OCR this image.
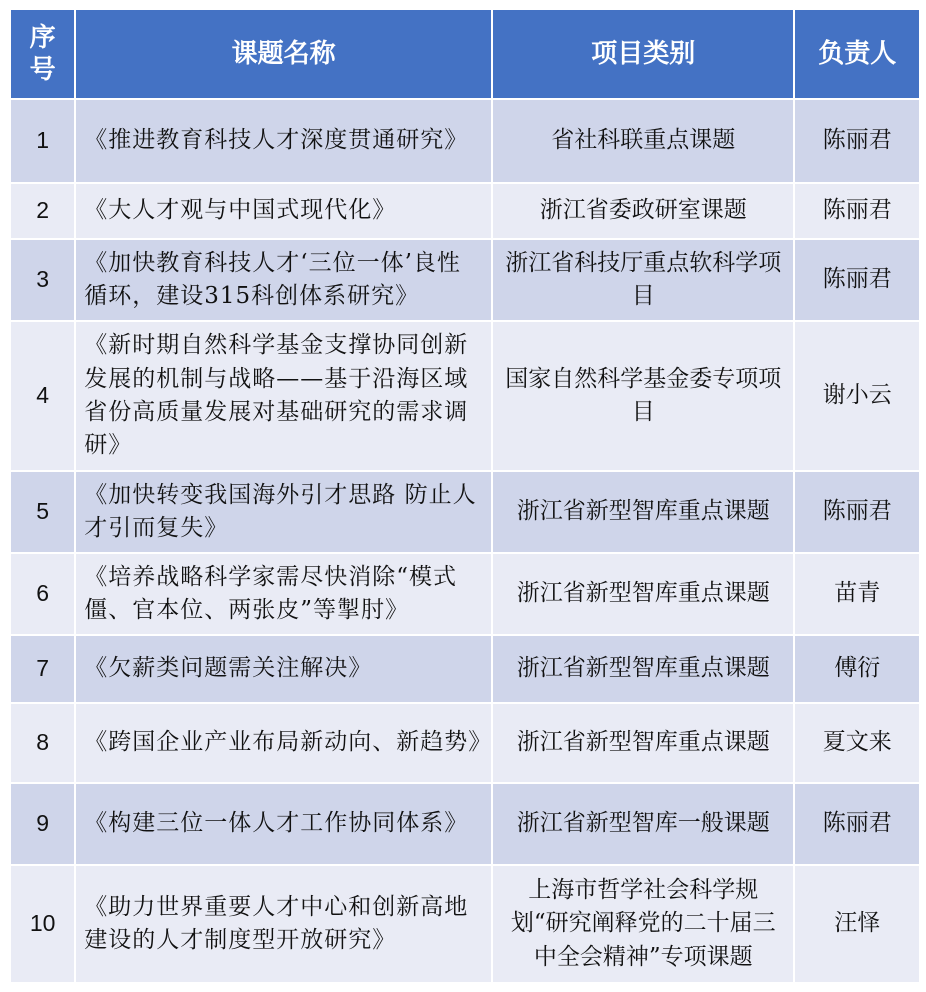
序号	课题名称	项目类别	负责人
1	《推进教育科技人才深度贯通研究》	省社科联重点课题	陈丽君
2	《大人才观与中国式现代化》	浙江省委政研室课题	陈丽君
3	《加快教育科技人才‘三位一体’良性循环，建设315科创体系研究》	浙江省科技厅重点软科学项目	陈丽君
4	《新时期自然科学基金支撑协同创新发展的机制与战略——基于沿海区域省份高质量发展对基础研究的需求调研》	国家自然科学基金委专项项目	谢小云
5	《加快转变我国海外引才思路 防止人才引而复失》	浙江省新型智库重点课题	陈丽君
6	《培养战略科学家需尽快消除“模式僵、官本位、两张皮”等掣肘》	浙江省新型智库重点课题	苗青
7	《欠薪类问题需关注解决》	浙江省新型智库重点课题	傅衍
8	《跨国企业产业布局新动向、新趋势》	浙江省新型智库重点课题	夏文来
9	《构建三位一体人才工作协同体系》	浙江省新型智库一般课题	陈丽君
10	《助力世界重要人才中心和创新高地建设的人才制度型开放研究》	上海市哲学社会科学规划“研究阐释党的二十届三中全会精神”专项课题	汪怿
